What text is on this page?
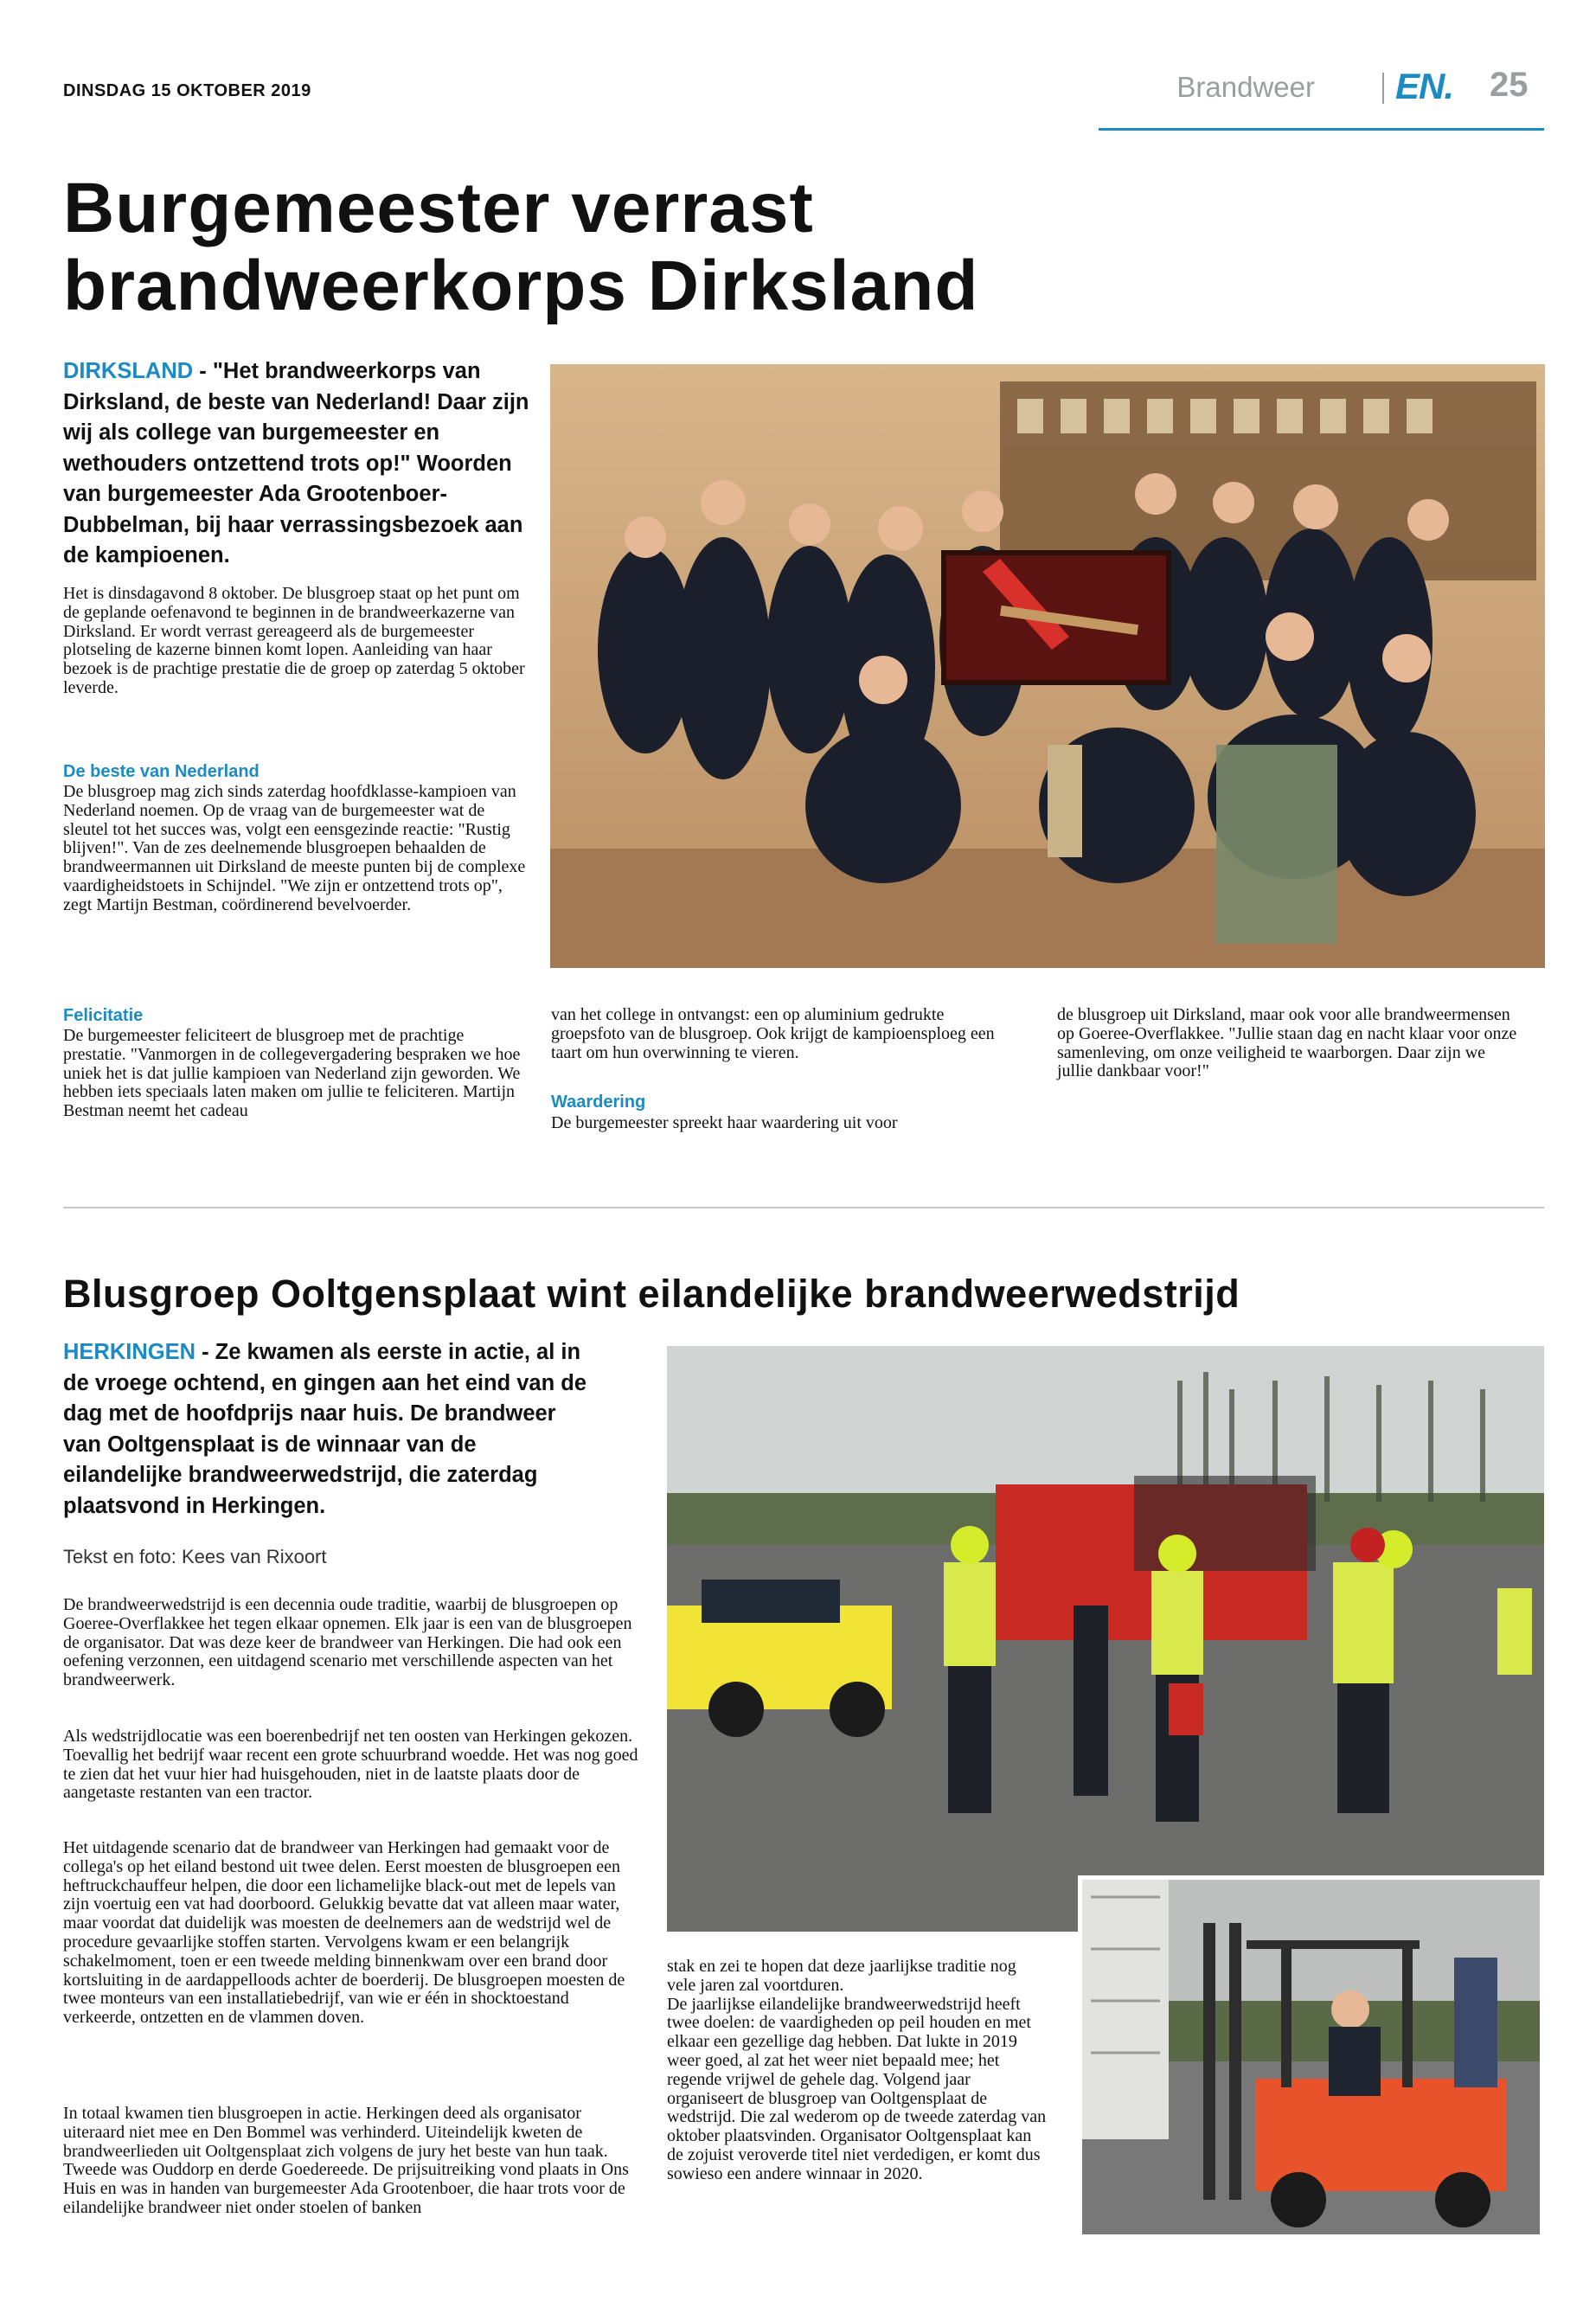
DINSDAG 15 OKTOBER 2019	Brandweer EN. 25
Burgemeester verrast brandweerkorps Dirksland

DIRKSLAND - "Het brandweerkorps van Dirksland, de beste van Nederland! Daar zijn wij als college van burgemeester en wethouders ontzettend trots op!" Woorden van burgemeester Ada Grootenboer-Dubbelman, bij haar verrassingsbezoek aan de kampioenen.

Het is dinsdagavond 8 oktober. De blusgroep staat op het punt om de geplande oefenavond te beginnen in de brandweerkazerne van Dirksland. Er wordt verrast gereageerd als de burgemeester plotseling de kazerne binnen komt lopen. Aanleiding van haar bezoek is de prachtige prestatie die de groep op zaterdag 5 oktober leverde.

De beste van Nederland

De blusgroep mag zich sinds zaterdag hoofdklasse-kampioen van Nederland noemen. Op de vraag van de burgemeester wat de sleutel tot het succes was, volgt een eensgezinde reactie: "Rustig blijven!". Van de zes deelnemende blusgroepen behaalden de brandweermannen uit Dirksland de meeste punten bij de complexe vaardigheidstoets in Schijndel. "We zijn er ontzettend trots op", zegt Martijn Bestman, coördinerend bevelvoerder.

Felicitatie

De burgemeester feliciteert de blusgroep met de prachtige prestatie. "Vanmorgen in de collegevergadering bespraken we hoe uniek het is dat jullie kampioen van Nederland zijn geworden. We hebben iets speciaals laten maken om jullie te feliciteren. Martijn Bestman neemt het cadeau

van het college in ontvangst: een op aluminium gedrukte groepsfoto van de blusgroep. Ook krijgt de kampioensploeg een taart om hun overwinning te vieren.

Waardering

De burgemeester spreekt haar waardering uit voor

de blusgroep uit Dirksland, maar ook voor alle brandweermensen op Goeree-Overflakkee. "Jullie staan dag en nacht klaar voor onze samenleving, om onze veiligheid te waarborgen. Daar zijn we jullie dankbaar voor!"

Blusgroep Ooltgensplaat wint eilandelijke brandweerwedstrijd

HERKINGEN - Ze kwamen als eerste in actie, al in de vroege ochtend, en gingen aan het eind van de dag met de hoofdprijs naar huis. De brandweer van Ooltgensplaat is de winnaar van de eilandelijke brandweerwedstrijd, die zaterdag plaatsvond in Herkingen.

Tekst en foto: Kees van Rixoort

De brandweerwedstrijd is een decennia oude traditie, waarbij de blusgroepen op Goeree-Overflakkee het tegen elkaar opnemen. Elk jaar is een van de blusgroepen de organisator. Dat was deze keer de brandweer van Herkingen. Die had ook een oefening verzonnen, een uitdagend scenario met verschillende aspecten van het brandweerwerk.

Als wedstrijdlocatie was een boerenbedrijf net ten oosten van Herkingen gekozen. Toevallig het bedrijf waar recent een grote schuurbrand woedde. Het was nog goed te zien dat het vuur hier had huisgehouden, niet in de laatste plaats door de aangetaste restanten van een tractor.

Het uitdagende scenario dat de brandweer van Herkingen had gemaakt voor de collega's op het eiland bestond uit twee delen. Eerst moesten de blusgroepen een heftruckchauffeur helpen, die door een lichamelijke black-out met de lepels van zijn voertuig een vat had doorboord. Gelukkig bevatte dat vat alleen maar water, maar voordat dat duidelijk was moesten de deelnemers aan de wedstrijd wel de procedure gevaarlijke stoffen starten. Vervolgens kwam er een belangrijk schakelmoment, toen er een tweede melding binnenkwam over een brand door kortsluiting in de aardappelloods achter de boerderij. De blusgroepen moesten de twee monteurs van een installatiebedrijf, van wie er één in shocktoestand verkeerde, ontzetten en de vlammen doven.

In totaal kwamen tien blusgroepen in actie. Herkingen deed als organisator uiteraard niet mee en Den Bommel was verhinderd. Uiteindelijk kweten de brandweerlieden uit Ooltgensplaat zich volgens de jury het beste van hun taak. Tweede was Ouddorp en derde Goedereede. De prijsuitreiking vond plaats in Ons Huis en was in handen van burgemeester Ada Grootenboer, die haar trots voor de eilandelijke brandweer niet onder stoelen of banken

stak en zei te hopen dat deze jaarlijkse traditie nog vele jaren zal voortduren.
De jaarlijkse eilandelijke brandweerwedstrijd heeft twee doelen: de vaardigheden op peil houden en met elkaar een gezellige dag hebben. Dat lukte in 2019 weer goed, al zat het weer niet bepaald mee; het regende vrijwel de gehele dag. Volgend jaar organiseert de blusgroep van Ooltgensplaat de wedstrijd. Die zal wederom op de tweede zaterdag van oktober plaatsvinden. Organisator Ooltgensplaat kan de zojuist veroverde titel niet verdedigen, er komt dus sowieso een andere winnaar in 2020.
